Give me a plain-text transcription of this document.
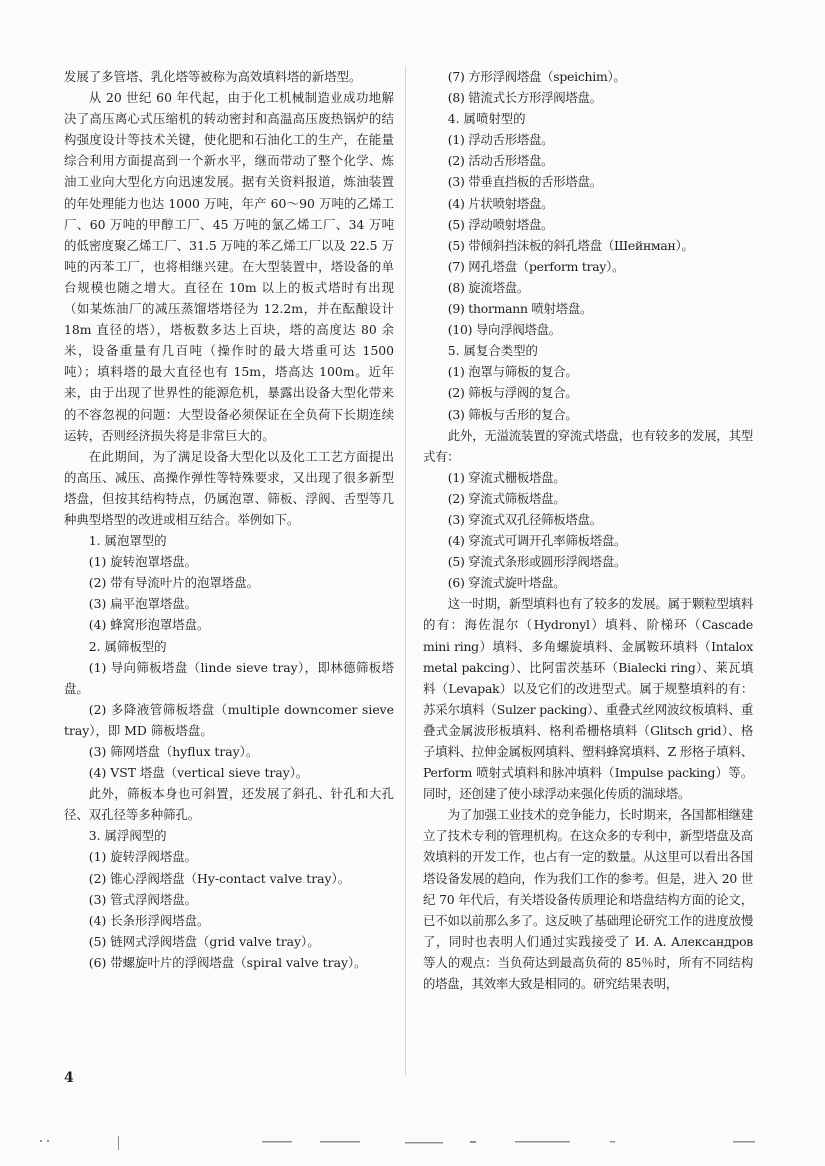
发展了多管塔、乳化塔等被称为高效填料塔的新塔型。

从 20 世纪 60 年代起，由于化工机械制造业成功地解决了高压离心式压缩机的转动密封和高温高压废热锅炉的结构强度设计等技术关键，使化肥和石油化工的生产，在能量综合利用方面提高到一个新水平，继而带动了整个化学、炼油工业向大型化方向迅速发展。据有关资料报道，炼油装置的年处理能力也达 1000 万吨，年产 60～90 万吨的乙烯工厂、60 万吨的甲醇工厂、45 万吨的氯乙烯工厂、34 万吨的低密度聚乙烯工厂、31.5 万吨的苯乙烯工厂以及 22.5 万吨的丙苯工厂，也将相继兴建。在大型装置中，塔设备的单台规模也随之增大。直径在 10m 以上的板式塔时有出现（如某炼油厂的减压蒸馏塔塔径为 12.2m，并在酝酿设计 18m 直径的塔），塔板数多达上百块，塔的高度达 80 余米，设备重量有几百吨（操作时的最大塔重可达 1500 吨）；填料塔的最大直径也有 15m，塔高达 100m。近年来，由于出现了世界性的能源危机，暴露出设备大型化带来的不容忽视的问题：大型设备必须保证在全负荷下长期连续运转，否则经济损失将是非常巨大的。

在此期间，为了满足设备大型化以及化工工艺方面提出的高压、减压、高操作弹性等特殊要求，又出现了很多新型塔盘，但按其结构特点，仍属泡罩、筛板、浮阀、舌型等几种典型塔型的改进或相互结合。举例如下。

1. 属泡罩型的

(1) 旋转泡罩塔盘。

(2) 带有导流叶片的泡罩塔盘。

(3) 扁平泡罩塔盘。

(4) 蜂窝形泡罩塔盘。

2. 属筛板型的

(1) 导向筛板塔盘（linde sieve tray），即林德筛板塔盘。

(2) 多降液管筛板塔盘（multiple downcomer sieve tray），即 MD 筛板塔盘。

(3) 筛网塔盘（hyflux tray）。

(4) VST 塔盘（vertical sieve tray）。

此外，筛板本身也可斜置，还发展了斜孔、针孔和大孔径、双孔径等多种筛孔。

3. 属浮阀型的

(1) 旋转浮阀塔盘。

(2) 锥心浮阀塔盘（Hy-contact valve tray）。

(3) 管式浮阀塔盘。

(4) 长条形浮阀塔盘。

(5) 链网式浮阀塔盘（grid valve tray）。

(6) 带螺旋叶片的浮阀塔盘（spiral valve tray）。

(7) 方形浮阀塔盘（speichim）。

(8) 错流式长方形浮阀塔盘。

4. 属喷射型的

(1) 浮动舌形塔盘。

(2) 活动舌形塔盘。

(3) 带垂直挡板的舌形塔盘。

(4) 片状喷射塔盘。

(5) 浮动喷射塔盘。

(5) 带倾斜挡沫板的斜孔塔盘（Шейнман）。

(7) 网孔塔盘（perform tray）。

(8) 旋流塔盘。

(9) thormann 喷射塔盘。

(10) 导向浮阀塔盘。

5. 属复合类型的

(1) 泡罩与筛板的复合。

(2) 筛板与浮阀的复合。

(3) 筛板与舌形的复合。

此外，无溢流装置的穿流式塔盘，也有较多的发展，其型式有：

(1) 穿流式栅板塔盘。

(2) 穿流式筛板塔盘。

(3) 穿流式双孔径筛板塔盘。

(4) 穿流式可调开孔率筛板塔盘。

(5) 穿流式条形或圆形浮阀塔盘。

(6) 穿流式旋叶塔盘。

这一时期，新型填料也有了较多的发展。属于颗粒型填料的有：海佐混尔（Hydronyl）填料、阶梯环（Cascade mini ring）填料、多角螺旋填料、金属鞍环填料（Intalox metal pakcing）、比阿雷茨基环（Bialecki ring）、莱瓦填料（Levapak）以及它们的改进型式。属于规整填料的有：苏采尔填料（Sulzer packing）、重叠式丝网波纹板填料、重叠式金属波形板填料、格利希栅格填料（Glitsch grid）、格子填料、拉伸金属板网填料、塑料蜂窝填料、Z 形格子填料、Perform 喷射式填料和脉冲填料（Impulse packing）等。同时，还创建了使小球浮动来强化传质的湍球塔。

为了加强工业技术的竞争能力，长时期来，各国都相继建立了技术专利的管理机构。在这众多的专利中，新型塔盘及高效填料的开发工作，也占有一定的数量。从这里可以看出各国塔设备发展的趋向，作为我们工作的参考。但是，进入 20 世纪 70 年代后，有关塔设备传质理论和塔盘结构方面的论文，已不如以前那么多了。这反映了基础理论研究工作的进度放慢了，同时也表明人们通过实践接受了 И. А. Александров 等人的观点：当负荷达到最高负荷的 85％时，所有不同结构的塔盘，其效率大致是相同的。研究结果表明，

4
